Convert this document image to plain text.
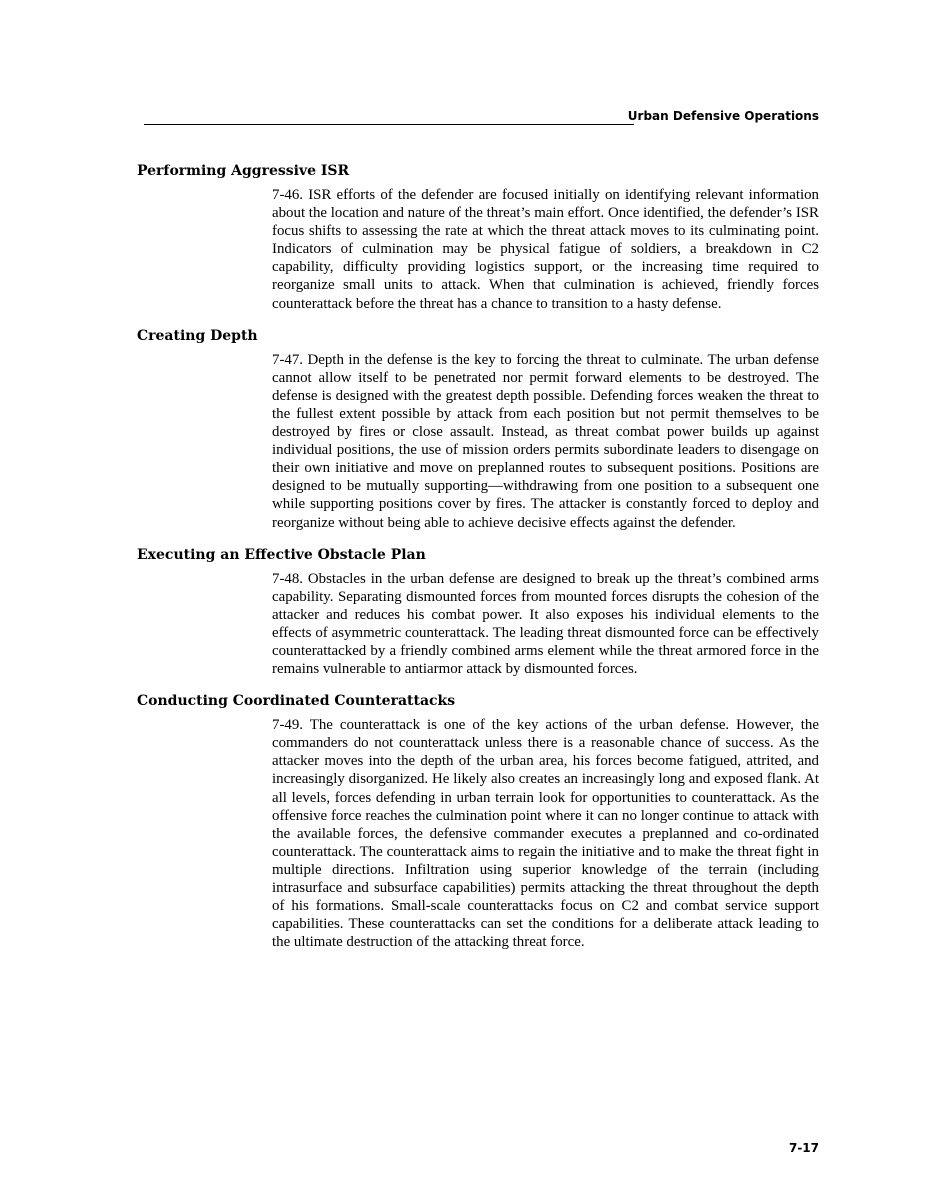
Urban Defensive Operations
Performing Aggressive ISR

7-46. ISR efforts of the defender are focused initially on identifying relevant information about the location and nature of the threat’s main effort. Once identified, the defender’s ISR focus shifts to assessing the rate at which the threat attack moves to its culminating point. Indicators of culmination may be physical fatigue of soldiers, a breakdown in C2 capability, difficulty providing logistics support, or the increasing time required to reorganize small units to attack. When that culmination is achieved, friendly forces counterattack before the threat has a chance to transition to a hasty defense.

Creating Depth

7-47. Depth in the defense is the key to forcing the threat to culminate. The urban defense cannot allow itself to be penetrated nor permit forward elements to be destroyed. The defense is designed with the greatest depth possible. Defending forces weaken the threat to the fullest extent possible by attack from each position but not permit themselves to be destroyed by fires or close assault. Instead, as threat combat power builds up against individual positions, the use of mission orders permits subordinate leaders to disengage on their own initiative and move on preplanned routes to subsequent positions. Positions are designed to be mutually supporting—withdrawing from one position to a subsequent one while supporting positions cover by fires. The attacker is constantly forced to deploy and reorganize without being able to achieve decisive effects against the defender.

Executing an Effective Obstacle Plan

7-48. Obstacles in the urban defense are designed to break up the threat’s combined arms capability. Separating dismounted forces from mounted forces disrupts the cohesion of the attacker and reduces his combat power. It also exposes his individual elements to the effects of asymmetric counterattack. The leading threat dismounted force can be effectively counterattacked by a friendly combined arms element while the threat armored force in the remains vulnerable to antiarmor attack by dismounted forces.

Conducting Coordinated Counterattacks

7-49. The counterattack is one of the key actions of the urban defense. However, the commanders do not counterattack unless there is a reasonable chance of success. As the attacker moves into the depth of the urban area, his forces become fatigued, attrited, and increasingly disorganized. He likely also creates an increasingly long and exposed flank. At all levels, forces defending in urban terrain look for opportunities to counterattack. As the offensive force reaches the culmination point where it can no longer continue to attack with the available forces, the defensive commander executes a preplanned and co-ordinated counterattack. The counterattack aims to regain the initiative and to make the threat fight in multiple directions. Infiltration using superior knowledge of the terrain (including intrasurface and subsurface capabilities) permits attacking the threat throughout the depth of his formations. Small-scale counterattacks focus on C2 and combat service support capabilities. These counterattacks can set the conditions for a deliberate attack leading to the ultimate destruction of the attacking threat force.

7-17
